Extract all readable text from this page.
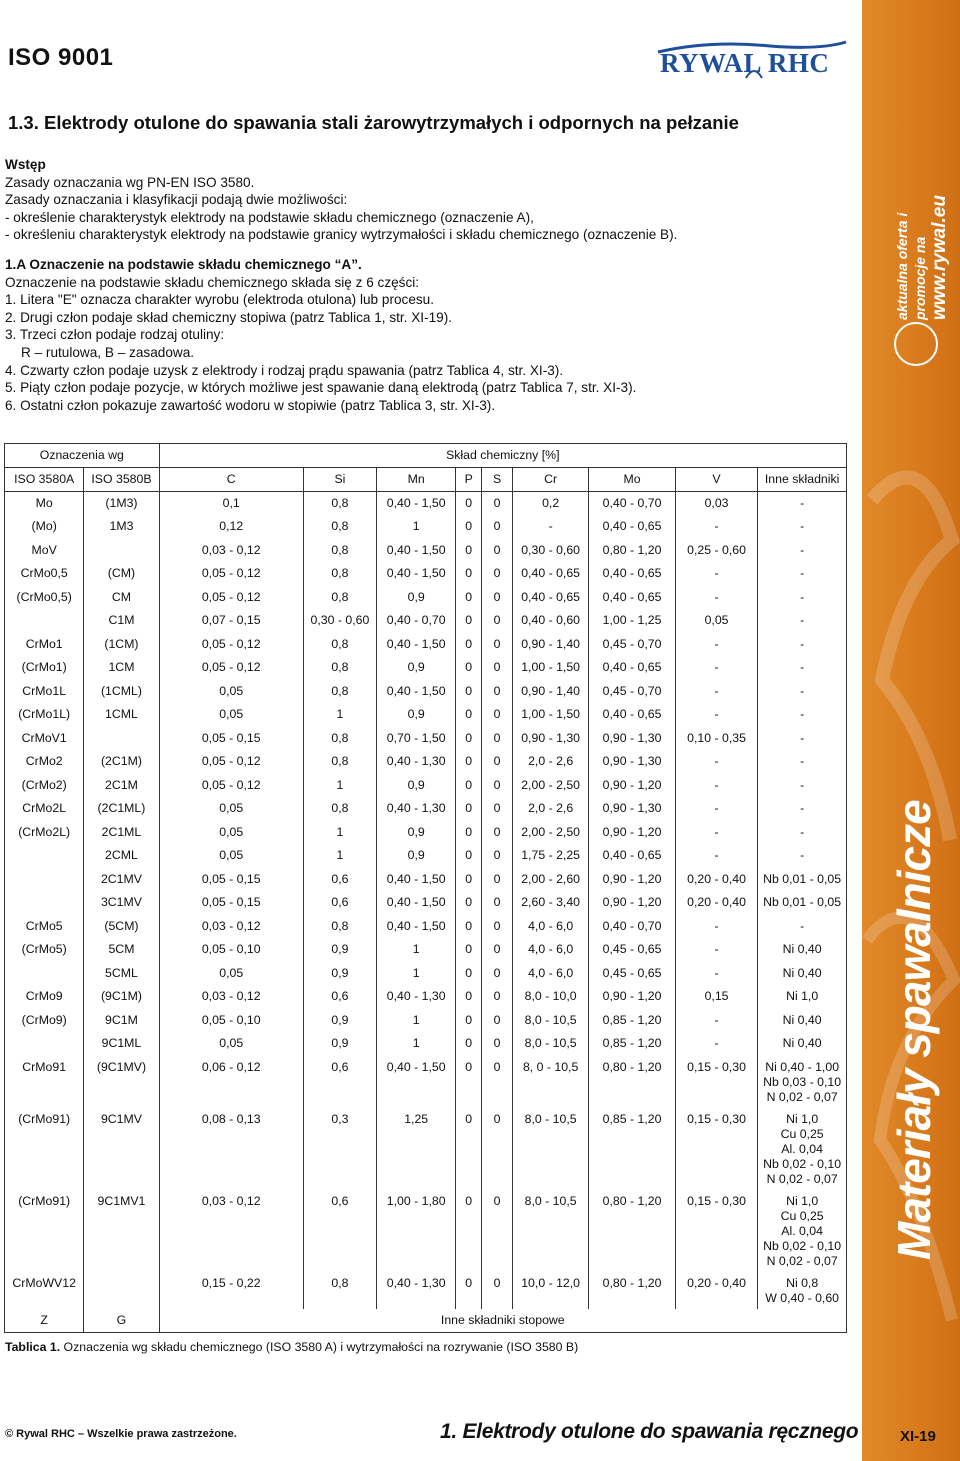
aktualna oferta i promocje na www.rywal.eu
Materiały spawalnicze
ISO 9001	RYWAL RHC
1.3. Elektrody otulone do spawania stali żarowytrzymałych i odpornych na pełzanie
Wstęp
Zasady oznaczania wg PN-EN ISO 3580.
Zasady oznaczania i klasyfikacji podają dwie możliwości:
- określenie charakterystyk elektrody na podstawie składu chemicznego (oznaczenie A),
- określeniu charakterystyk elektrody na podstawie granicy wytrzymałości i składu chemicznego (oznaczenie B).
1.A Oznaczenie na podstawie składu chemicznego “A”.
Oznaczenie na podstawie składu chemicznego składa się z 6 części:
1. Litera "E" oznacza charakter wyrobu (elektroda otulona) lub procesu.
2. Drugi człon podaje skład chemiczny stopiwa (patrz Tablica 1, str. XI-19).
3. Trzeci człon podaje rodzaj otuliny:
R – rutulowa, B – zasadowa.
4. Czwarty człon podaje uzysk z elektrody i rodzaj prądu spawania (patrz Tablica 4, str. XI-3).
5. Piąty człon podaje pozycje, w których możliwe jest spawanie daną elektrodą (patrz Tablica 7, str. XI-3).
6. Ostatni człon pokazuje zawartość wodoru w stopiwie (patrz Tablica 3, str. XI-3).
Oznaczenia wg		Skład chemiczny [%]								
ISO 3580A	ISO 3580B	C	Si	Mn	P	S	Cr	Mo	V	Inne składniki
Mo	(1M3)	0,1	0,8	0,40 - 1,50	0	0	0,2	0,40 - 0,70	0,03	-
(Mo)	1M3	0,12	0,8	1	0	0	-	0,40 - 0,65	-	-
MoV		0,03 - 0,12	0,8	0,40 - 1,50	0	0	0,30 - 0,60	0,80 - 1,20	0,25 - 0,60	-
CrMo0,5	(CM)	0,05 - 0,12	0,8	0,40 - 1,50	0	0	0,40 - 0,65	0,40 - 0,65	-	-
(CrMo0,5)	CM	0,05 - 0,12	0,8	0,9	0	0	0,40 - 0,65	0,40 - 0,65	-	-
	C1M	0,07 - 0,15	0,30 - 0,60	0,40 - 0,70	0	0	0,40 - 0,60	1,00 - 1,25	0,05	-
CrMo1	(1CM)	0,05 - 0,12	0,8	0,40 - 1,50	0	0	0,90 - 1,40	0,45 - 0,70	-	-
(CrMo1)	1CM	0,05 - 0,12	0,8	0,9	0	0	1,00 - 1,50	0,40 - 0,65	-	-
CrMo1L	(1CML)	0,05	0,8	0,40 - 1,50	0	0	0,90 - 1,40	0,45 - 0,70	-	-
(CrMo1L)	1CML	0,05	1	0,9	0	0	1,00 - 1,50	0,40 - 0,65	-	-
CrMoV1		0,05 - 0,15	0,8	0,70 - 1,50	0	0	0,90 - 1,30	0,90 - 1,30	0,10 - 0,35	-
CrMo2	(2C1M)	0,05 - 0,12	0,8	0,40 - 1,30	0	0	2,0 - 2,6	0,90 - 1,30	-	-
(CrMo2)	2C1M	0,05 - 0,12	1	0,9	0	0	2,00 - 2,50	0,90 - 1,20	-	-
CrMo2L	(2C1ML)	0,05	0,8	0,40 - 1,30	0	0	2,0 - 2,6	0,90 - 1,30	-	-
(CrMo2L)	2C1ML	0,05	1	0,9	0	0	2,00 - 2,50	0,90 - 1,20	-	-
	2CML	0,05	1	0,9	0	0	1,75 - 2,25	0,40 - 0,65	-	-
	2C1MV	0,05 - 0,15	0,6	0,40 - 1,50	0	0	2,00 - 2,60	0,90 - 1,20	0,20 - 0,40	Nb 0,01 - 0,05
	3C1MV	0,05 - 0,15	0,6	0,40 - 1,50	0	0	2,60 - 3,40	0,90 - 1,20	0,20 - 0,40	Nb 0,01 - 0,05
CrMo5	(5CM)	0,03 - 0,12	0,8	0,40 - 1,50	0	0	4,0 - 6,0	0,40 - 0,70	-	-
(CrMo5)	5CM	0,05 - 0,10	0,9	1	0	0	4,0 - 6,0	0,45 - 0,65	-	Ni 0,40
	5CML	0,05	0,9	1	0	0	4,0 - 6,0	0,45 - 0,65	-	Ni 0,40
CrMo9	(9C1M)	0,03 - 0,12	0,6	0,40 - 1,30	0	0	8,0 - 10,0	0,90 - 1,20	0,15	Ni 1,0
(CrMo9)	9C1M	0,05 - 0,10	0,9	1	0	0	8,0 - 10,5	0,85 - 1,20	-	Ni 0,40
	9C1ML	0,05	0,9	1	0	0	8,0 - 10,5	0,85 - 1,20	-	Ni 0,40
CrMo91	(9C1MV)	0,06 - 0,12	0,6	0,40 - 1,50	0	0	8, 0 - 10,5	0,80 - 1,20	0,15 - 0,30	Ni 0,40 - 1,00
Nb 0,03 - 0,10
N 0,02 - 0,07

(CrMo91)	9C1MV	0,08 - 0,13	0,3	1,25	0	0	8,0 - 10,5	0,85 - 1,20	0,15 - 0,30	Ni 1,0
Cu 0,25
Al. 0,04
Nb 0,02 - 0,10
N 0,02 - 0,07

(CrMo91)	9C1MV1	0,03 - 0,12	0,6	1,00 - 1,80	0	0	8,0 - 10,5	0,80 - 1,20	0,15 - 0,30	Ni 1,0
Cu 0,25
Al. 0,04
Nb 0,02 - 0,10
N 0,02 - 0,07

CrMoWV12		0,15 - 0,22	0,8	0,40 - 1,30	0	0	10,0 - 12,0	0,80 - 1,20	0,20 - 0,40	Ni 0,8
W 0,40 - 0,60

Z	G	Inne składniki stopowe								
Tablica 1. Oznaczenia wg składu chemicznego (ISO 3580 A) i wytrzymałości na rozrywanie (ISO 3580 B)
© Rywal RHC – Wszelkie prawa zastrzeżone.	1. Elektrody otulone do spawania ręcznego	XI-19
